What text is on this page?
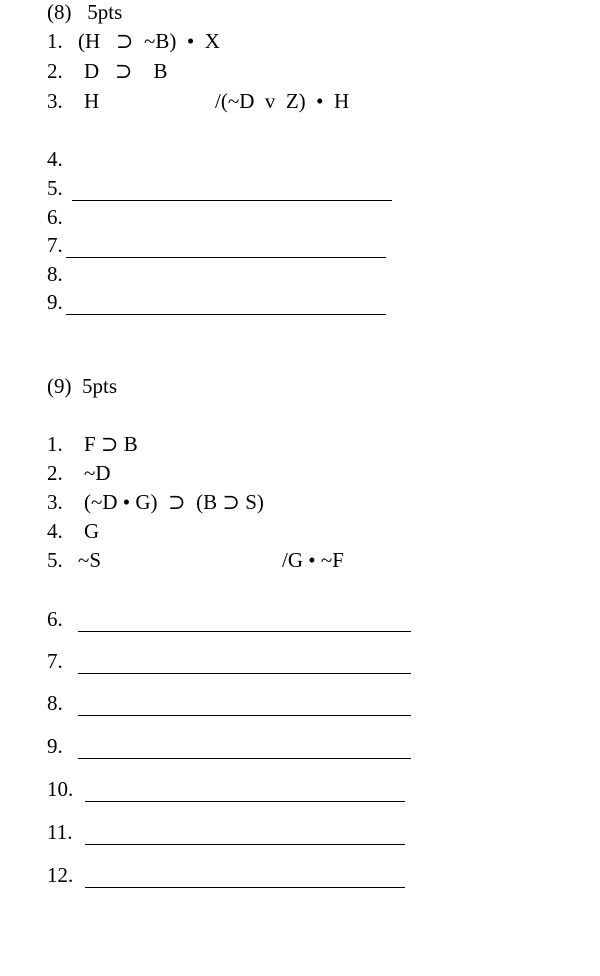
(8)   5pts
1. (H   ⊃  ~B)  •  X
2. D   ⊃    B
3. H	/(~D  v  Z)  •  H
4.
5.
6.
7.
8.
9.
(9)  5pts
1. F ⊃ B
2. ~D
3. (~D • G)  ⊃  (B ⊃ S)
4. G
5. ~S	/G • ~F
6.
7.
8.
9.
10.
11.
12.
